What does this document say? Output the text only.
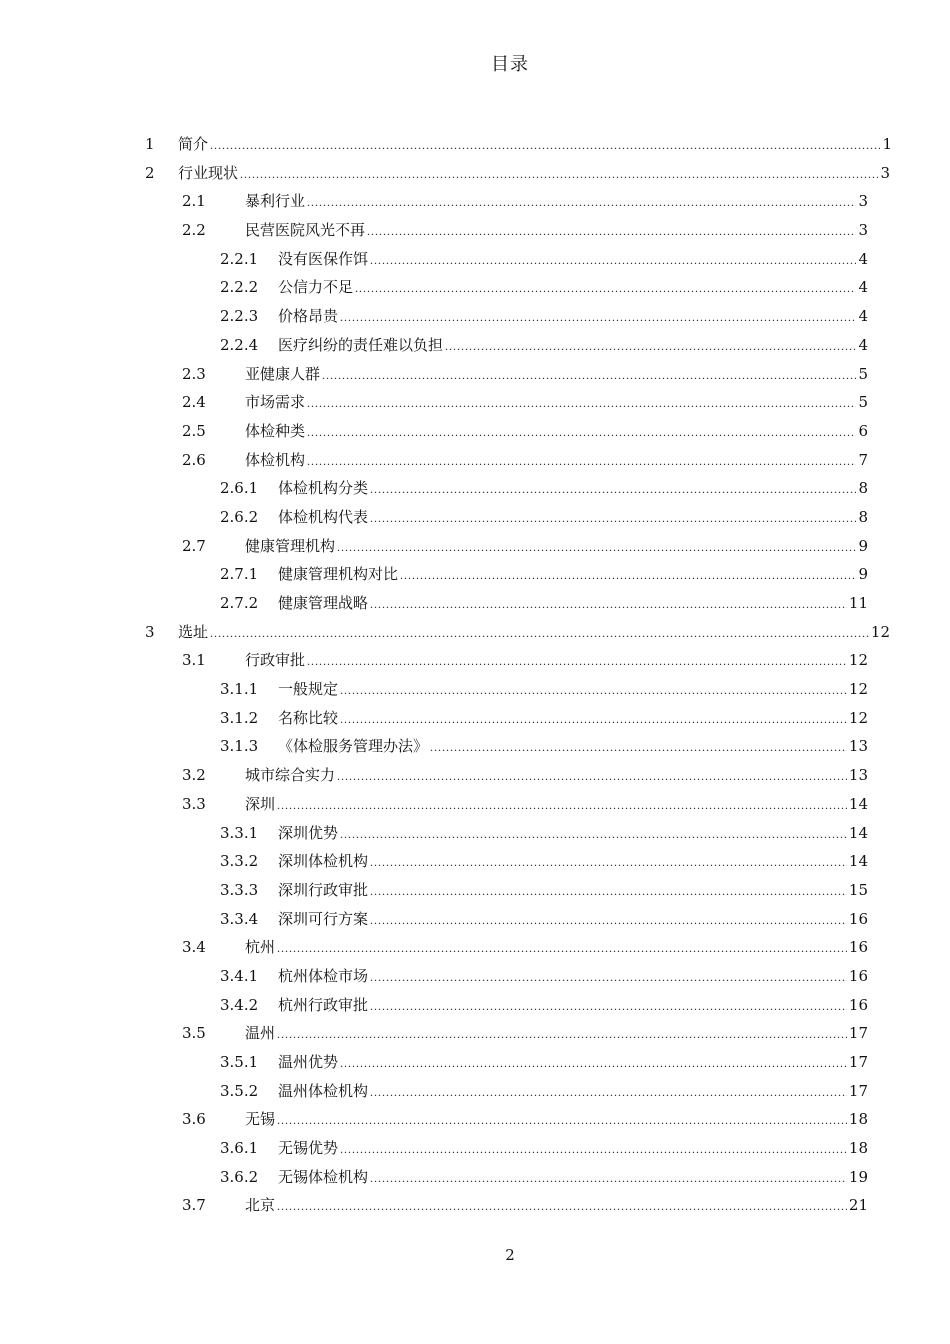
目录
1 简介 .....	1
2 行业现状 .....	3
2.1	暴利行业 .....	3
2.2	民营医院风光不再 .....	3
2.2.1 没有医保作饵 .....	4
2.2.2 公信力不足 .....	4
2.2.3 价格昂贵 .....	4
2.2.4 医疗纠纷的责任难以负担 .....	4
2.3	亚健康人群 .....	5
2.4	市场需求 .....	5
2.5	体检种类 .....	6
2.6	体检机构 .....	7
2.6.1 体检机构分类 .....	8
2.6.2 体检机构代表 .....	8
2.7	健康管理机构 .....	9
2.7.1 健康管理机构对比 .....	9
2.7.2 健康管理战略 .....	11
3 选址 .....	12
3.1	行政审批 .....	12
3.1.1 一般规定 .....	12
3.1.2 名称比较 .....	12
3.1.3 《体检服务管理办法》 .....	13
3.2	城市综合实力 .....	13
3.3	深圳 .....	14
3.3.1 深圳优势 .....	14
3.3.2 深圳体检机构 .....	14
3.3.3 深圳行政审批 .....	15
3.3.4 深圳可行方案 .....	16
3.4	杭州 .....	16
3.4.1 杭州体检市场 .....	16
3.4.2 杭州行政审批 .....	16
3.5	温州 .....	17
3.5.1 温州优势 .....	17
3.5.2 温州体检机构 .....	17
3.6	无锡 .....	18
3.6.1 无锡优势 .....	18
3.6.2 无锡体检机构 .....	19
3.7	北京 .....	21
2
